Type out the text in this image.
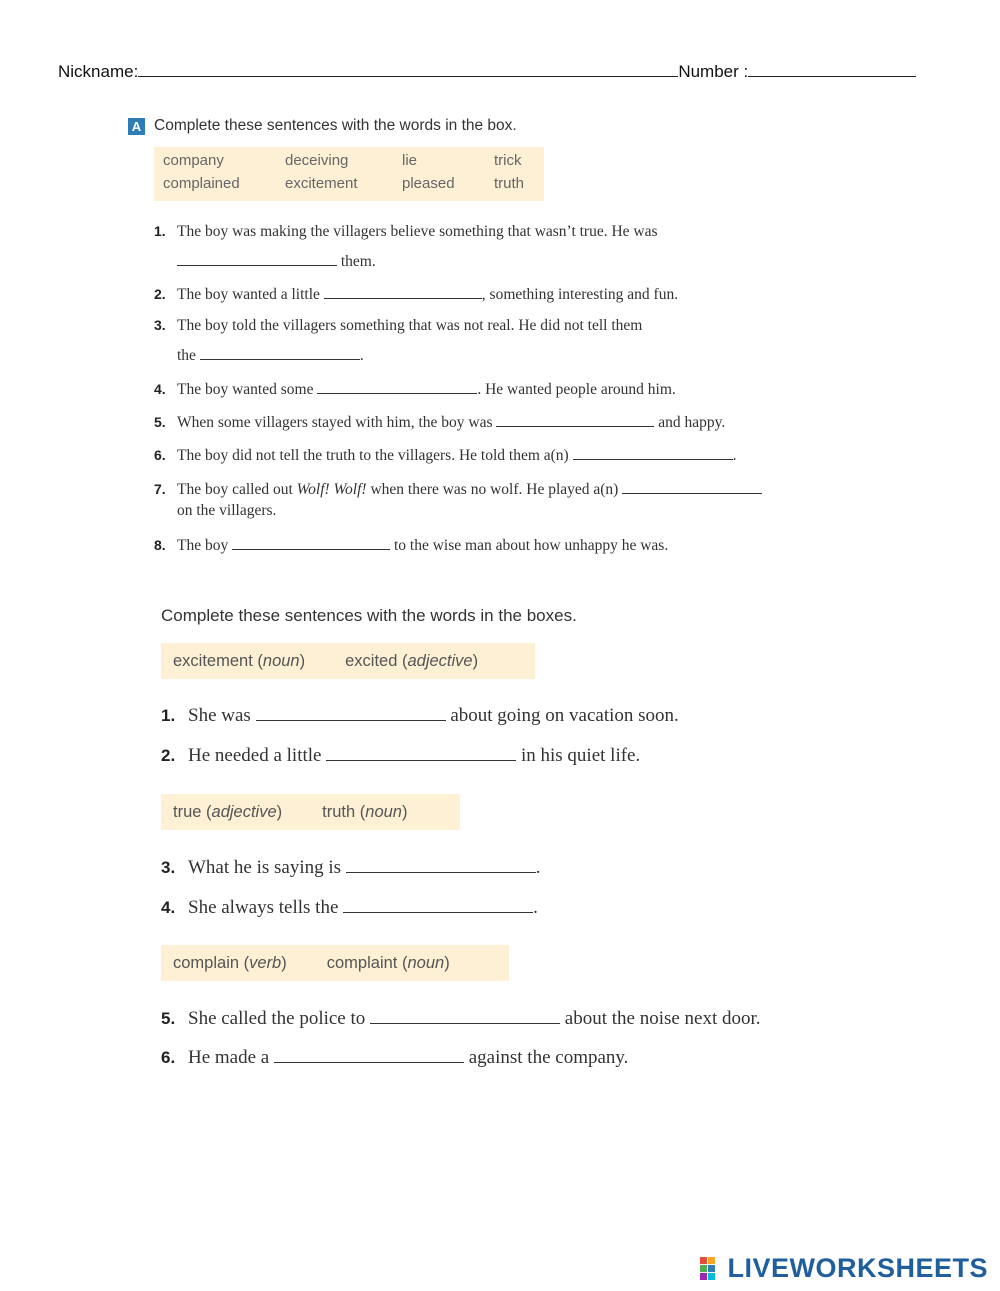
Nickname:	Number :
A Complete these sentences with the words in the box.
company	deceiving	lie	trick
complained	excitement	pleased	truth
1. The boy was making the villagers believe something that wasn’t true. He was
them.
2. The boy wanted a little	, something interesting and fun.
3. The boy told the villagers something that was not real. He did not tell them
the	.
4. The boy wanted some	. He wanted people around him.
5. When some villagers stayed with him, the boy was	and happy.
6. The boy did not tell the truth to the villagers. He told them a(n)	.
7. The boy called out Wolf! Wolf! when there was no wolf. He played a(n)
on the villagers.
8. The boy	to the wise man about how unhappy he was.
Complete these sentences with the words in the boxes.
excitement (noun) excited (adjective)
1. She was	about going on vacation soon.
2. He needed a little	in his quiet life.
true (adjective) truth (noun)
3. What he is saying is	.
4. She always tells the	.
complain (verb) complaint (noun)
5. She called the police to	about the noise next door.
6. He made a	against the company.
LIVEWORKSHEETS
